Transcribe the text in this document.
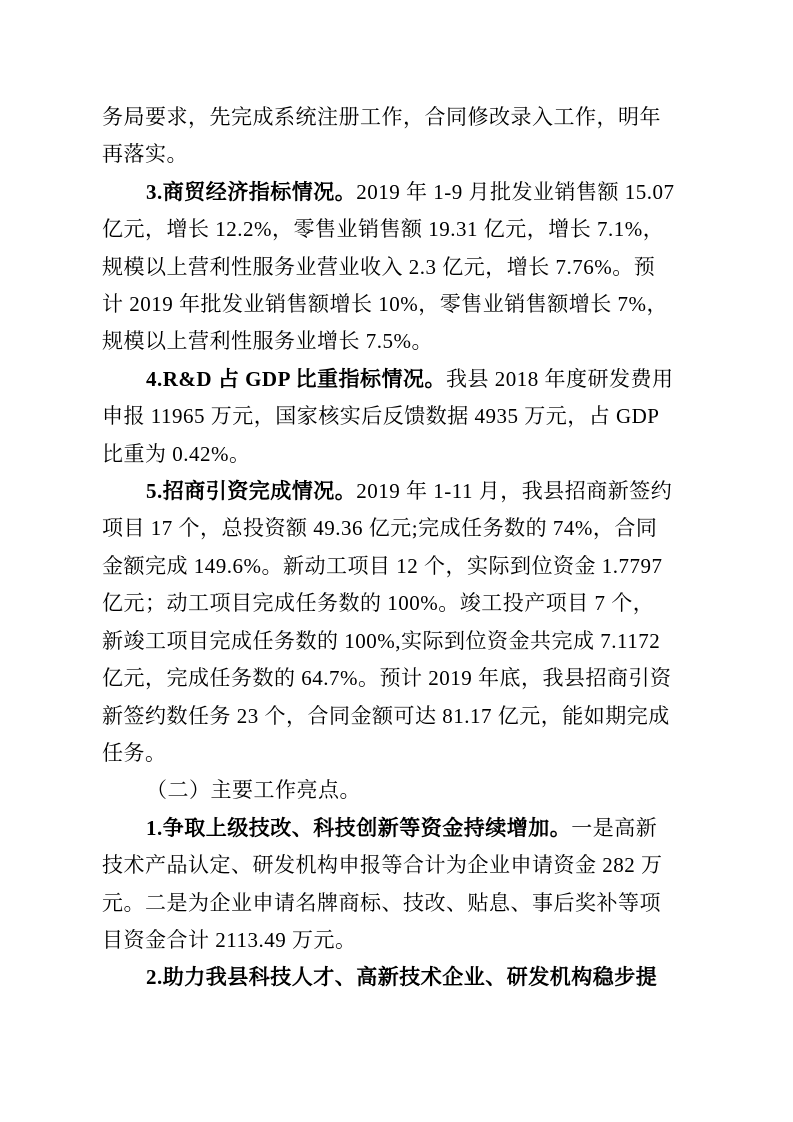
务局要求，先完成系统注册工作，合同修改录入工作，明年
再落实。
3.商贸经济指标情况。2019 年 1-9 月批发业销售额 15.07
亿元，增长 12.2%，零售业销售额 19.31 亿元，增长 7.1%，
规模以上营利性服务业营业收入 2.3 亿元，增长 7.76%。预
计 2019 年批发业销售额增长 10%，零售业销售额增长 7%，
规模以上营利性服务业增长 7.5%。
4.R&D 占 GDP 比重指标情况。我县 2018 年度研发费用
申报 11965 万元，国家核实后反馈数据 4935 万元，占 GDP
比重为 0.42%。
5.招商引资完成情况。2019 年 1-11 月，我县招商新签约
项目 17 个，总投资额 49.36 亿元;完成任务数的 74%，合同
金额完成 149.6%。新动工项目 12 个，实际到位资金 1.7797
亿元；动工项目完成任务数的 100%。竣工投产项目 7 个，
新竣工项目完成任务数的 100%,实际到位资金共完成 7.1172
亿元，完成任务数的 64.7%。预计 2019 年底，我县招商引资
新签约数任务 23 个，合同金额可达 81.17 亿元，能如期完成
任务。
（二）主要工作亮点。
1.争取上级技改、科技创新等资金持续增加。一是高新
技术产品认定、研发机构申报等合计为企业申请资金 282 万
元。二是为企业申请名牌商标、技改、贴息、事后奖补等项
目资金合计 2113.49 万元。
2.助力我县科技人才、高新技术企业、研发机构稳步提
